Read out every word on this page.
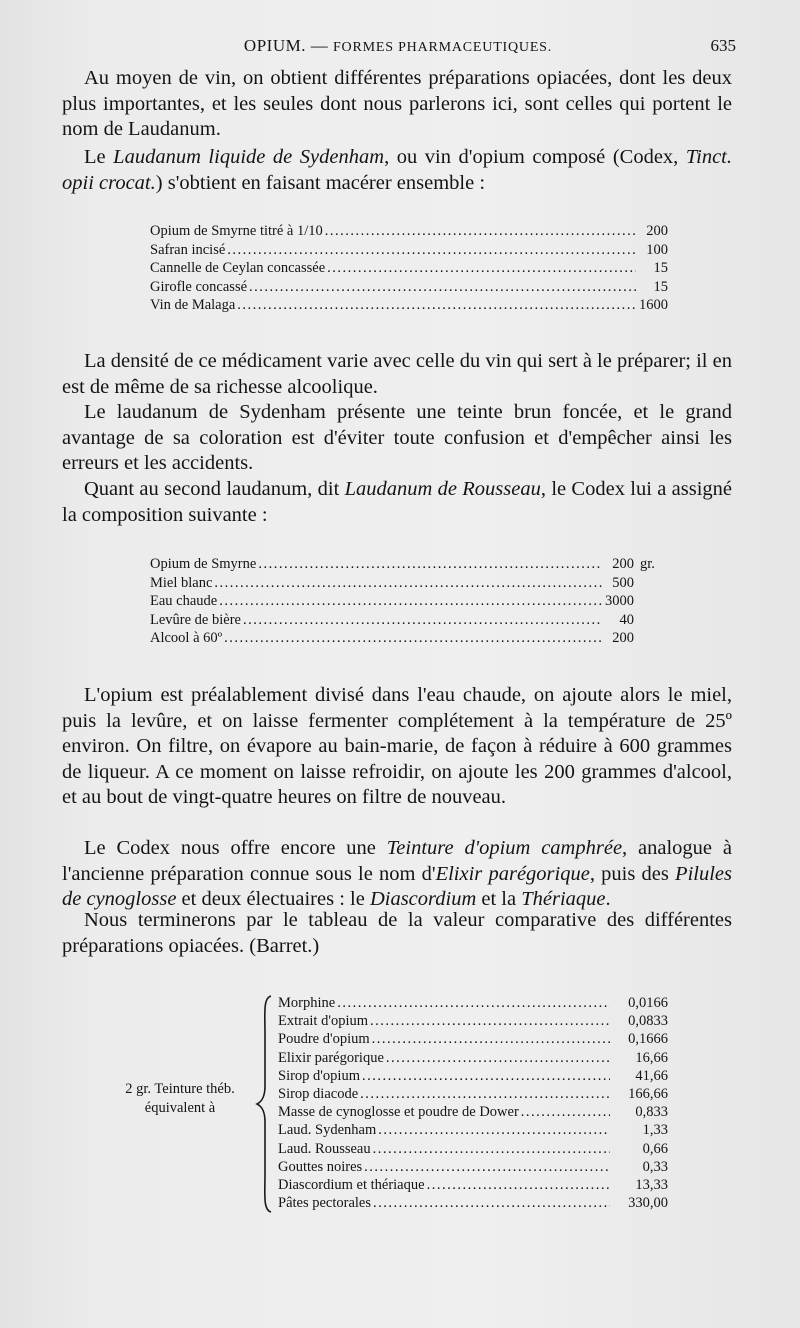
OPIUM. — FORMES PHARMACEUTIQUES.	635
Au moyen de vin, on obtient différentes préparations opiacées, dont les deux plus importantes, et les seules dont nous parlerons ici, sont celles qui portent le nom de Laudanum.
Le Laudanum liquide de Sydenham, ou vin d'opium composé (Codex, Tinct. opii crocat.) s'obtient en faisant macérer ensemble :
Opium de Smyrne titré à 1/10 .....	200
Safran incisé .....	100
Cannelle de Ceylan concassée .....	15
Girofle concassé .....	15
Vin de Malaga .....	1600
La densité de ce médicament varie avec celle du vin qui sert à le préparer; il en est de même de sa richesse alcoolique.
Le laudanum de Sydenham présente une teinte brun foncée, et le grand avantage de sa coloration est d'éviter toute confusion et d'empêcher ainsi les erreurs et les accidents.
Quant au second laudanum, dit Laudanum de Rousseau, le Codex lui a assigné la composition suivante :
Opium de Smyrne .....	200 gr.
Miel blanc .....	500
Eau chaude .....	3000
Levûre de bière .....	40
Alcool à 60º .....	200
L'opium est préalablement divisé dans l'eau chaude, on ajoute alors le miel, puis la levûre, et on laisse fermenter complétement à la température de 25º environ. On filtre, on évapore au bain-marie, de façon à réduire à 600 grammes de liqueur. A ce moment on laisse refroidir, on ajoute les 200 grammes d'alcool, et au bout de vingt-quatre heures on filtre de nouveau.
Le Codex nous offre encore une Teinture d'opium camphrée, analogue à l'ancienne préparation connue sous le nom d'Elixir parégorique, puis des Pilules de cynoglosse et deux électuaires : le Diascordium et la Thériaque.
Nous terminerons par le tableau de la valeur comparative des différentes préparations opiacées. (Barret.)
2 gr. Teinture théb.
équivalent à
Morphine .....	0,0166
Extrait d'opium .....	0,0833
Poudre d'opium .....	0,1666
Elixir parégorique .....	16,66
Sirop d'opium .....	41,66
Sirop diacode .....	166,66
Masse de cynoglosse et poudre de Dower .....	0,833
Laud. Sydenham .....	1,33
Laud. Rousseau .....	0,66
Gouttes noires .....	0,33
Diascordium et thériaque .....	13,33
Pâtes pectorales .....	330,00
